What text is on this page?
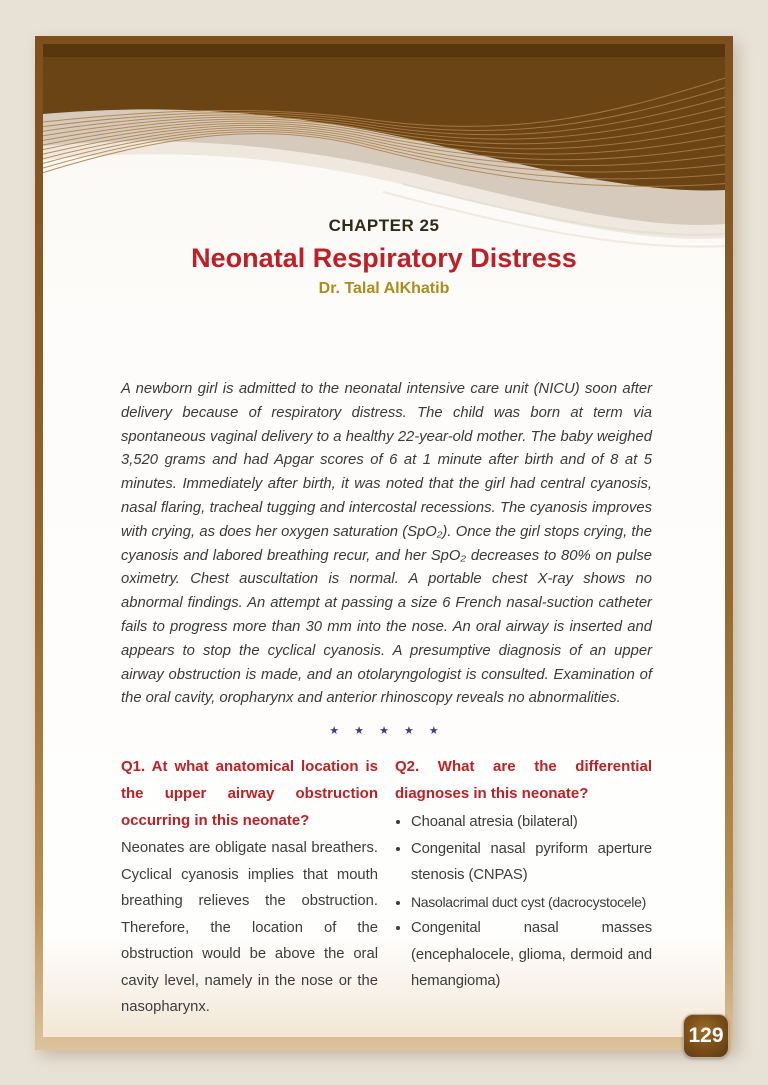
CHAPTER 25
Neonatal Respiratory Distress
Dr. Talal AlKhatib

A newborn girl is admitted to the neonatal intensive care unit (NICU) soon after delivery because of respiratory distress. The child was born at term via spontaneous vaginal delivery to a healthy 22-year-old mother. The baby weighed 3,520 grams and had Apgar scores of 6 at 1 minute after birth and of 8 at 5 minutes. Immediately after birth, it was noted that the girl had central cyanosis, nasal flaring, tracheal tugging and intercostal recessions. The cyanosis improves with crying, as does her oxygen saturation (SpO₂). Once the girl stops crying, the cyanosis and labored breathing recur, and her SpO₂ decreases to 80% on pulse oximetry. Chest auscultation is normal. A portable chest X-ray shows no abnormal findings. An attempt at passing a size 6 French nasal-suction catheter fails to progress more than 30 mm into the nose. An oral airway is inserted and appears to stop the cyclical cyanosis. A presumptive diagnosis of an upper airway obstruction is made, and an otolaryngologist is consulted. Examination of the oral cavity, oropharynx and anterior rhinoscopy reveals no abnormalities.

★ ★ ★ ★ ★
Q1. At what anatomical location is the upper airway obstruction occurring in this neonate?
Neonates are obligate nasal breathers. Cyclical cyanosis implies that mouth breathing relieves the obstruction. Therefore, the location of the obstruction would be above the oral cavity level, namely in the nose or the nasopharynx.
Q2. What are the differential diagnoses in this neonate?
• Choanal atresia (bilateral)
• Congenital nasal pyriform aperture stenosis (CNPAS)
• Nasolacrimal duct cyst (dacrocystocele)
• Congenital nasal masses (encephalocele, glioma, dermoid and hemangioma)
129
